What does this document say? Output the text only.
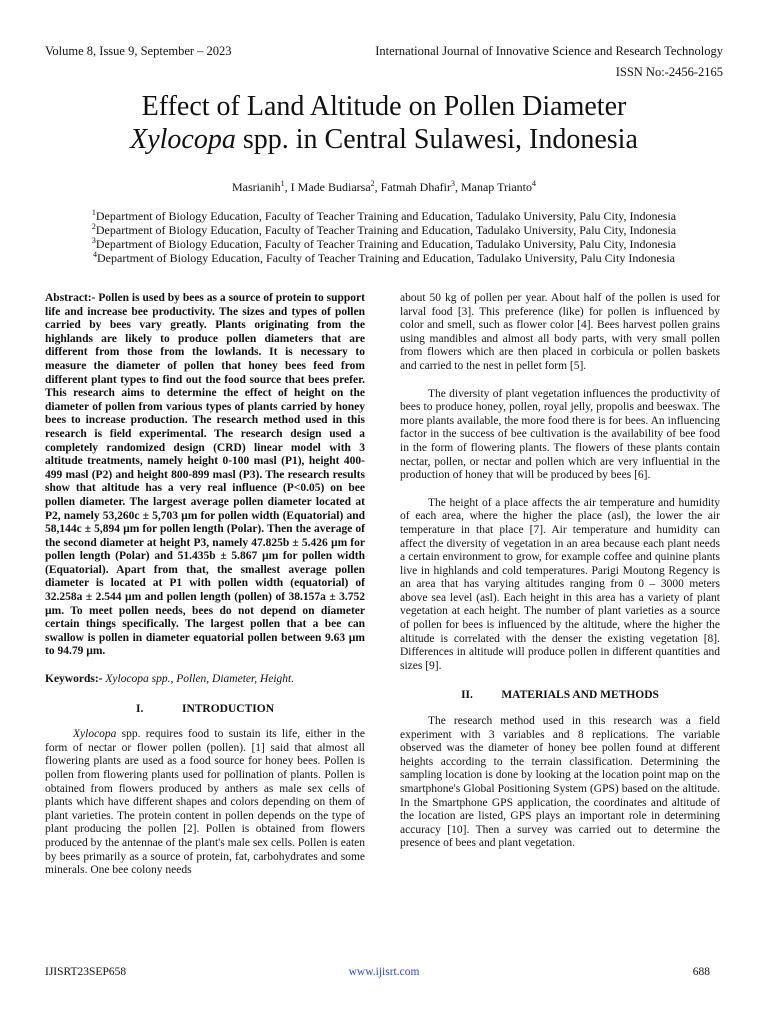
Volume 8, Issue 9, September – 2023	International Journal of Innovative Science and Research Technology
ISSN No:-2456-2165
Effect of Land Altitude on Pollen Diameter
Xylocopa spp. in Central Sulawesi, Indonesia
Masrianih$^1$, I Made Budiarsa$^2$, Fatmah Dhafir$^3$, Manap Trianto$^4$
$^1$Department of Biology Education, Faculty of Teacher Training and Education, Tadulako University, Palu City, Indonesia
$^2$Department of Biology Education, Faculty of Teacher Training and Education, Tadulako University, Palu City, Indonesia
$^3$Department of Biology Education, Faculty of Teacher Training and Education, Tadulako University, Palu City, Indonesia
$^4$Department of Biology Education, Faculty of Teacher Training and Education, Tadulako University, Palu City Indonesia

Abstract:- Pollen is used by bees as a source of protein to support life and increase bee productivity. The sizes and types of pollen carried by bees vary greatly. Plants originating from the highlands are likely to produce pollen diameters that are different from those from the lowlands. It is necessary to measure the diameter of pollen that honey bees feed from different plant types to find out the food source that bees prefer. This research aims to determine the effect of height on the diameter of pollen from various types of plants carried by honey bees to increase production. The research method used in this research is field experimental. The research design used a completely randomized design (CRD) linear model with 3 altitude treatments, namely height 0-100 masl (P1), height 400-499 masl (P2) and height 800-899 masl (P3). The research results show that altitude has a very real influence (P<0.05) on bee pollen diameter. The largest average pollen diameter located at P2, namely 53,260c ± 5,703 µm for pollen width (Equatorial) and 58,144c ± 5,894 µm for pollen length (Polar). Then the average of the second diameter at height P3, namely 47.825b ± 5.426 µm for pollen length (Polar) and 51.435b ± 5.867 µm for pollen width (Equatorial). Apart from that, the smallest average pollen diameter is located at P1 with pollen width (equatorial) of 32.258a ± 2.544 µm and pollen length (pollen) of 38.157a ± 3.752 µm. To meet pollen needs, bees do not depend on diameter certain things specifically. The largest pollen that a bee can swallow is pollen in diameter equatorial pollen between 9.63 µm to 94.79 µm.

Keywords:- Xylocopa spp., Pollen, Diameter, Height.

I.	INTRODUCTION

Xylocopa spp. requires food to sustain its life, either in the form of nectar or flower pollen (pollen). [1] said that almost all flowering plants are used as a food source for honey bees. Pollen is pollen from flowering plants used for pollination of plants. Pollen is obtained from flowers produced by anthers as male sex cells of plants which have different shapes and colors depending on them of plant varieties. The protein content in pollen depends on the type of plant producing the pollen [2]. Pollen is obtained from flowers produced by the antennae of the plant's male sex cells. Pollen is eaten by bees primarily as a source of protein, fat, carbohydrates and some minerals. One bee colony needs

about 50 kg of pollen per year. About half of the pollen is used for larval food [3]. This preference (like) for pollen is influenced by color and smell, such as flower color [4]. Bees harvest pollen grains using mandibles and almost all body parts, with very small pollen from flowers which are then placed in corbicula or pollen baskets and carried to the nest in pellet form [5].

The diversity of plant vegetation influences the productivity of bees to produce honey, pollen, royal jelly, propolis and beeswax. The more plants available, the more food there is for bees. An influencing factor in the success of bee cultivation is the availability of bee food in the form of flowering plants. The flowers of these plants contain nectar, pollen, or nectar and pollen which are very influential in the production of honey that will be produced by bees [6].

The height of a place affects the air temperature and humidity of each area, where the higher the place (asl), the lower the air temperature in that place [7]. Air temperature and humidity can affect the diversity of vegetation in an area because each plant needs a certain environment to grow, for example coffee and quinine plants live in highlands and cold temperatures. Parigi Moutong Regency is an area that has varying altitudes ranging from 0 – 3000 meters above sea level (asl). Each height in this area has a variety of plant vegetation at each height. The number of plant varieties as a source of pollen for bees is influenced by the altitude, where the higher the altitude is correlated with the denser the existing vegetation [8]. Differences in altitude will produce pollen in different quantities and sizes [9].

II.	MATERIALS AND METHODS

The research method used in this research was a field experiment with 3 variables and 8 replications. The variable observed was the diameter of honey bee pollen found at different heights according to the terrain classification. Determining the sampling location is done by looking at the location point map on the smartphone's Global Positioning System (GPS) based on the altitude. In the Smartphone GPS application, the coordinates and altitude of the location are listed, GPS plays an important role in determining accuracy [10]. Then a survey was carried out to determine the presence of bees and plant vegetation.

IJISRT23SEP658	www.ijisrt.com	688
